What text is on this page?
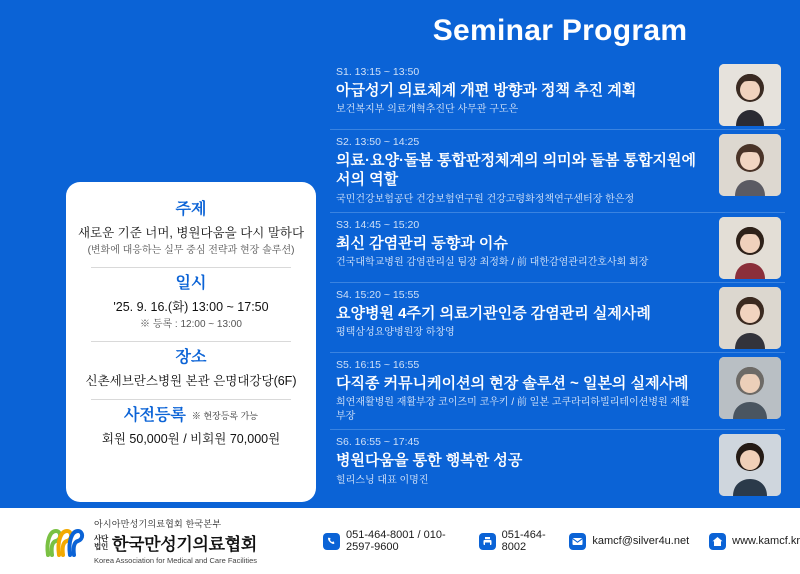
Seminar Program
주제
새로운 기준 너머, 병원다움을 다시 말하다
(변화에 대응하는 실무 중심 전략과 현장 솔루션)
일시
'25. 9. 16.(화) 13:00 ~ 17:50
※ 등록 : 12:00 ~ 13:00
장소
신촌세브란스병원 본관 은명대강당(6F)
사전등록 ※ 현장등록 가능
회원 50,000원 / 비회원 70,000원
S1. 13:15 ~ 13:50
아급성기 의료체계 개편 방향과 정책 추진 계획
보건복지부 의료개혁추진단 사무관 구도은
S2. 13:50 ~ 14:25
의료·요양·돌봄 통합판정체계의 의미와 돌봄 통합지원에서의 역할
국민건강보험공단 건강보험연구원 건강고령화정책연구센터장 한은정
S3. 14:45 ~ 15:20
최신 감염관리 동향과 이슈
건국대학교병원 감염관리실 팀장 최정화 / 前 대한감염관리간호사회 회장
S4. 15:20 ~ 15:55
요양병원 4주기 의료기관인증 감염관리 실제사례
평택삼성요양병원장 하창영
S5. 16:15 ~ 16:55
다직종 커뮤니케이션의 현장 솔루션 ~ 일본의 실제사례
희연재활병원 재활부장 코이즈미 코우키 / 前 일본 고쿠라리하빌리테이션병원 재활부장
S6. 16:55 ~ 17:45
병원다움을 통한 행복한 성공
힐리스닝 대표 이명진
아시아만성기의료협회 한국본부
사단
법인 한국만성기의료협회
Korea Association for Medical and Care Facilities
051-464-8001 / 010-2597-9600
051-464-8002	kamcf@silver4u.net	www.kamcf.kr
